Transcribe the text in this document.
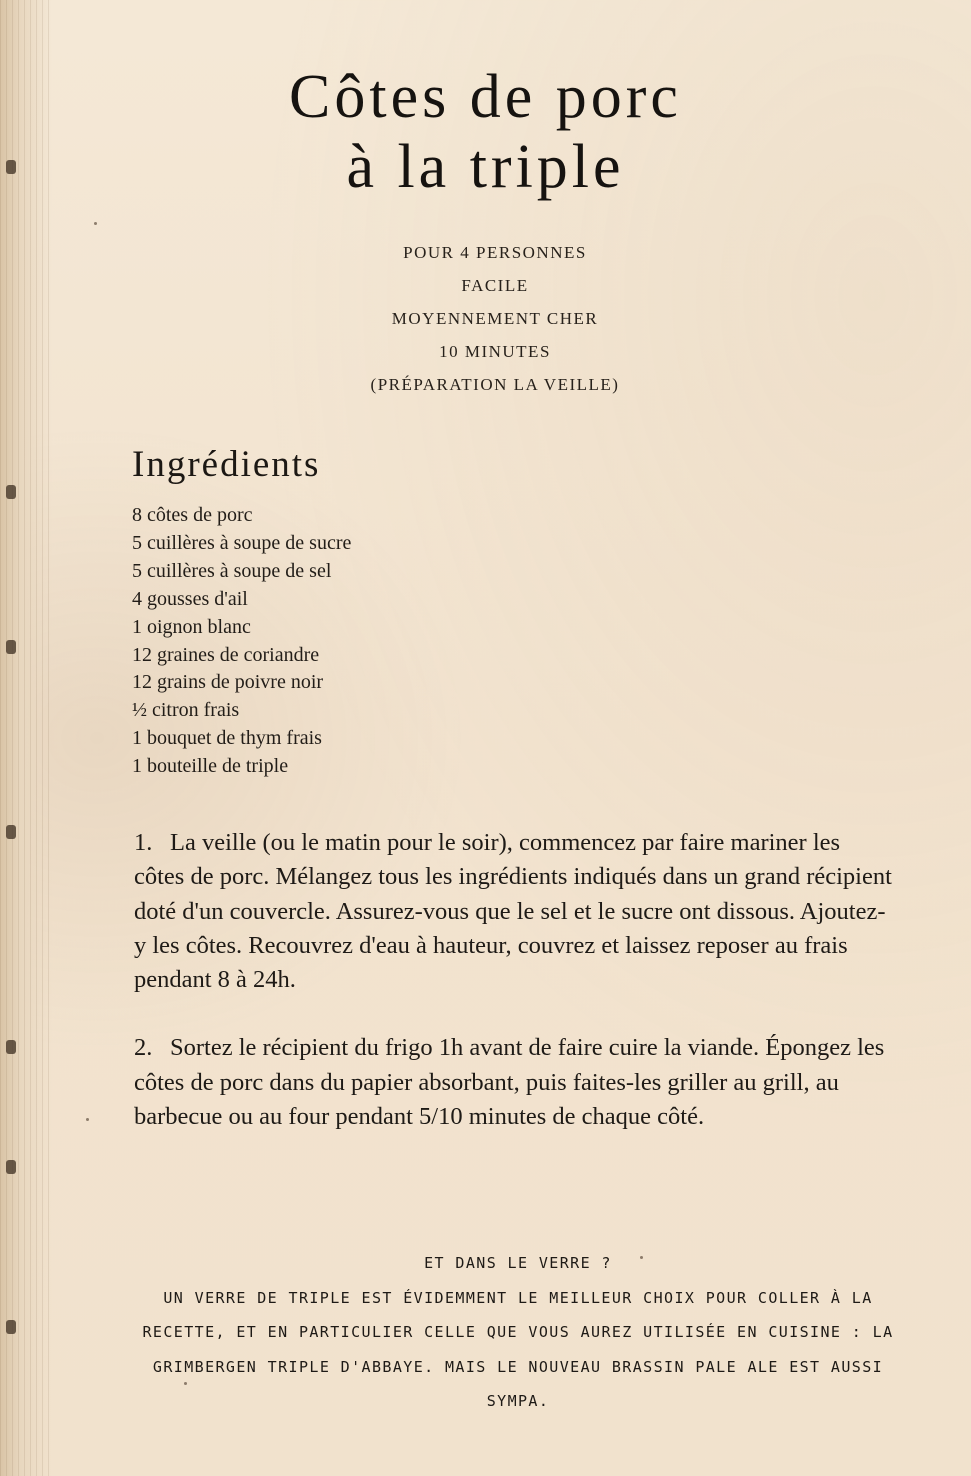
Côtes de porc
à la triple
POUR 4 PERSONNES
FACILE
MOYENNEMENT CHER
10 MINUTES
(PRÉPARATION LA VEILLE)
Ingrédients
8 côtes de porc
5 cuillères à soupe de sucre
5 cuillères à soupe de sel
4 gousses d'ail
1 oignon blanc
12 graines de coriandre
12 grains de poivre noir
½ citron frais
1 bouquet de thym frais
1 bouteille de triple

1. La veille (ou le matin pour le soir), commencez par faire mariner les côtes de porc. Mélangez tous les ingrédients indiqués dans un grand récipient doté d'un couvercle. Assurez-vous que le sel et le sucre ont dissous. Ajoutez-y les côtes. Recouvrez d'eau à hauteur, couvrez et laissez reposer au frais pendant 8 à 24h.

2. Sortez le récipient du frigo 1h avant de faire cuire la viande. Épongez les côtes de porc dans du papier absorbant, puis faites-les griller au grill, au barbecue ou au four pendant 5/10 minutes de chaque côté.

ET DANS LE VERRE ?
UN VERRE DE TRIPLE EST ÉVIDEMMENT LE MEILLEUR CHOIX POUR COLLER À LA RECETTE, ET EN PARTICULIER CELLE QUE VOUS AUREZ UTILISÉE EN CUISINE : LA GRIMBERGEN TRIPLE D'ABBAYE. MAIS LE NOUVEAU BRASSIN PALE ALE EST AUSSI SYMPA.
